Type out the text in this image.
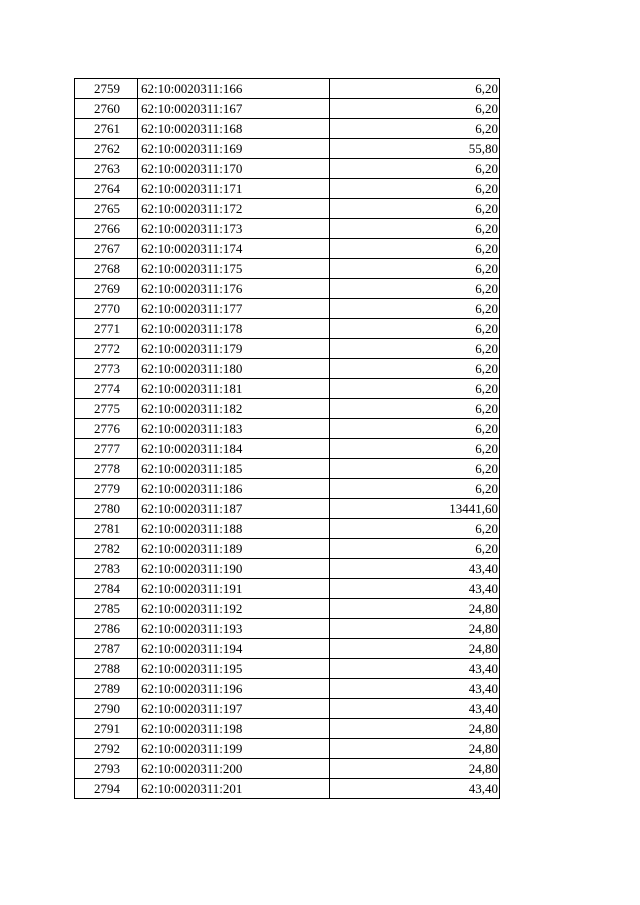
2759	62:10:0020311:166	6,20
2760	62:10:0020311:167	6,20
2761	62:10:0020311:168	6,20
2762	62:10:0020311:169	55,80
2763	62:10:0020311:170	6,20
2764	62:10:0020311:171	6,20
2765	62:10:0020311:172	6,20
2766	62:10:0020311:173	6,20
2767	62:10:0020311:174	6,20
2768	62:10:0020311:175	6,20
2769	62:10:0020311:176	6,20
2770	62:10:0020311:177	6,20
2771	62:10:0020311:178	6,20
2772	62:10:0020311:179	6,20
2773	62:10:0020311:180	6,20
2774	62:10:0020311:181	6,20
2775	62:10:0020311:182	6,20
2776	62:10:0020311:183	6,20
2777	62:10:0020311:184	6,20
2778	62:10:0020311:185	6,20
2779	62:10:0020311:186	6,20
2780	62:10:0020311:187	13441,60
2781	62:10:0020311:188	6,20
2782	62:10:0020311:189	6,20
2783	62:10:0020311:190	43,40
2784	62:10:0020311:191	43,40
2785	62:10:0020311:192	24,80
2786	62:10:0020311:193	24,80
2787	62:10:0020311:194	24,80
2788	62:10:0020311:195	43,40
2789	62:10:0020311:196	43,40
2790	62:10:0020311:197	43,40
2791	62:10:0020311:198	24,80
2792	62:10:0020311:199	24,80
2793	62:10:0020311:200	24,80
2794	62:10:0020311:201	43,40
